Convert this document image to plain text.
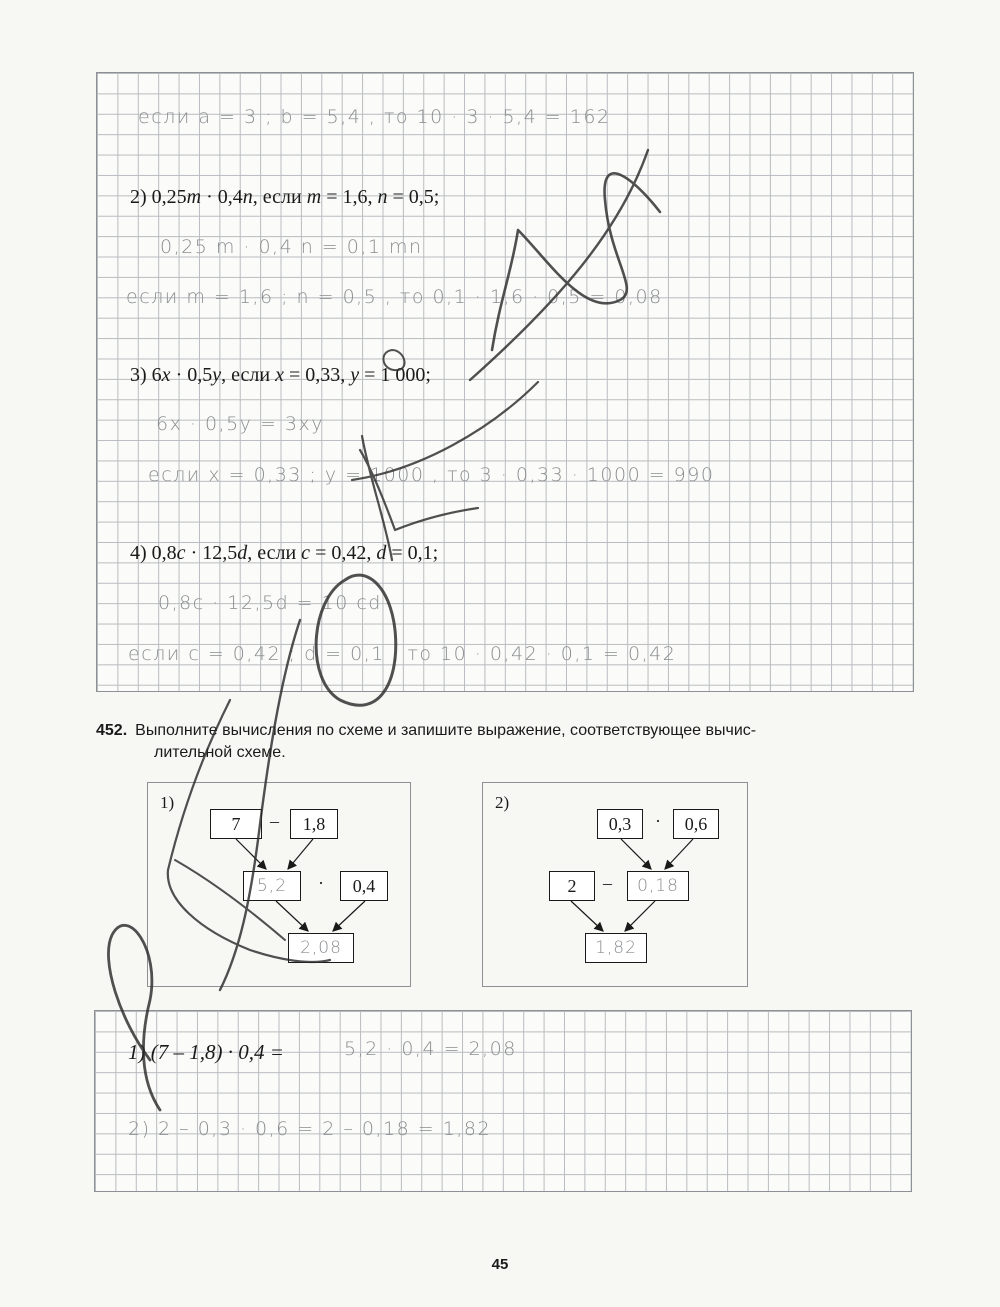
если a = 3 ; b = 5,4 , то 10 · 3 · 5,4 = 162
2) 0,25m · 0,4n, если m = 1,6, n = 0,5;
0,25 m · 0,4 n = 0,1 mn
если m = 1,6 ; n = 0,5 , то 0,1 · 1,6 · 0,5 = 0,08
3) 6x · 0,5y, если x = 0,33, y = 1 000;
6x · 0,5y = 3xy
если x = 0,33 ; y = 1000 , то 3 · 0,33 · 1000 = 990
4) 0,8c · 12,5d, если c = 0,42, d = 0,1;
0,8c · 12,5d = 10 cd
если c = 0,42 ; d = 0,1 , то 10 · 0,42 · 0,1 = 0,42
452. Выполните вычисления по схеме и запишите выражение, соответствующее вычис-
лительной схеме.
1)
7	–	1,8
5,2	·	0,4
2,08
2)
0,3	·	0,6
2	–	0,18
1,82
1) (7 – 1,8) · 0,4 =	5,2 · 0,4 = 2,08
2) 2 – 0,3 · 0,6 = 2 – 0,18 = 1,82
45
